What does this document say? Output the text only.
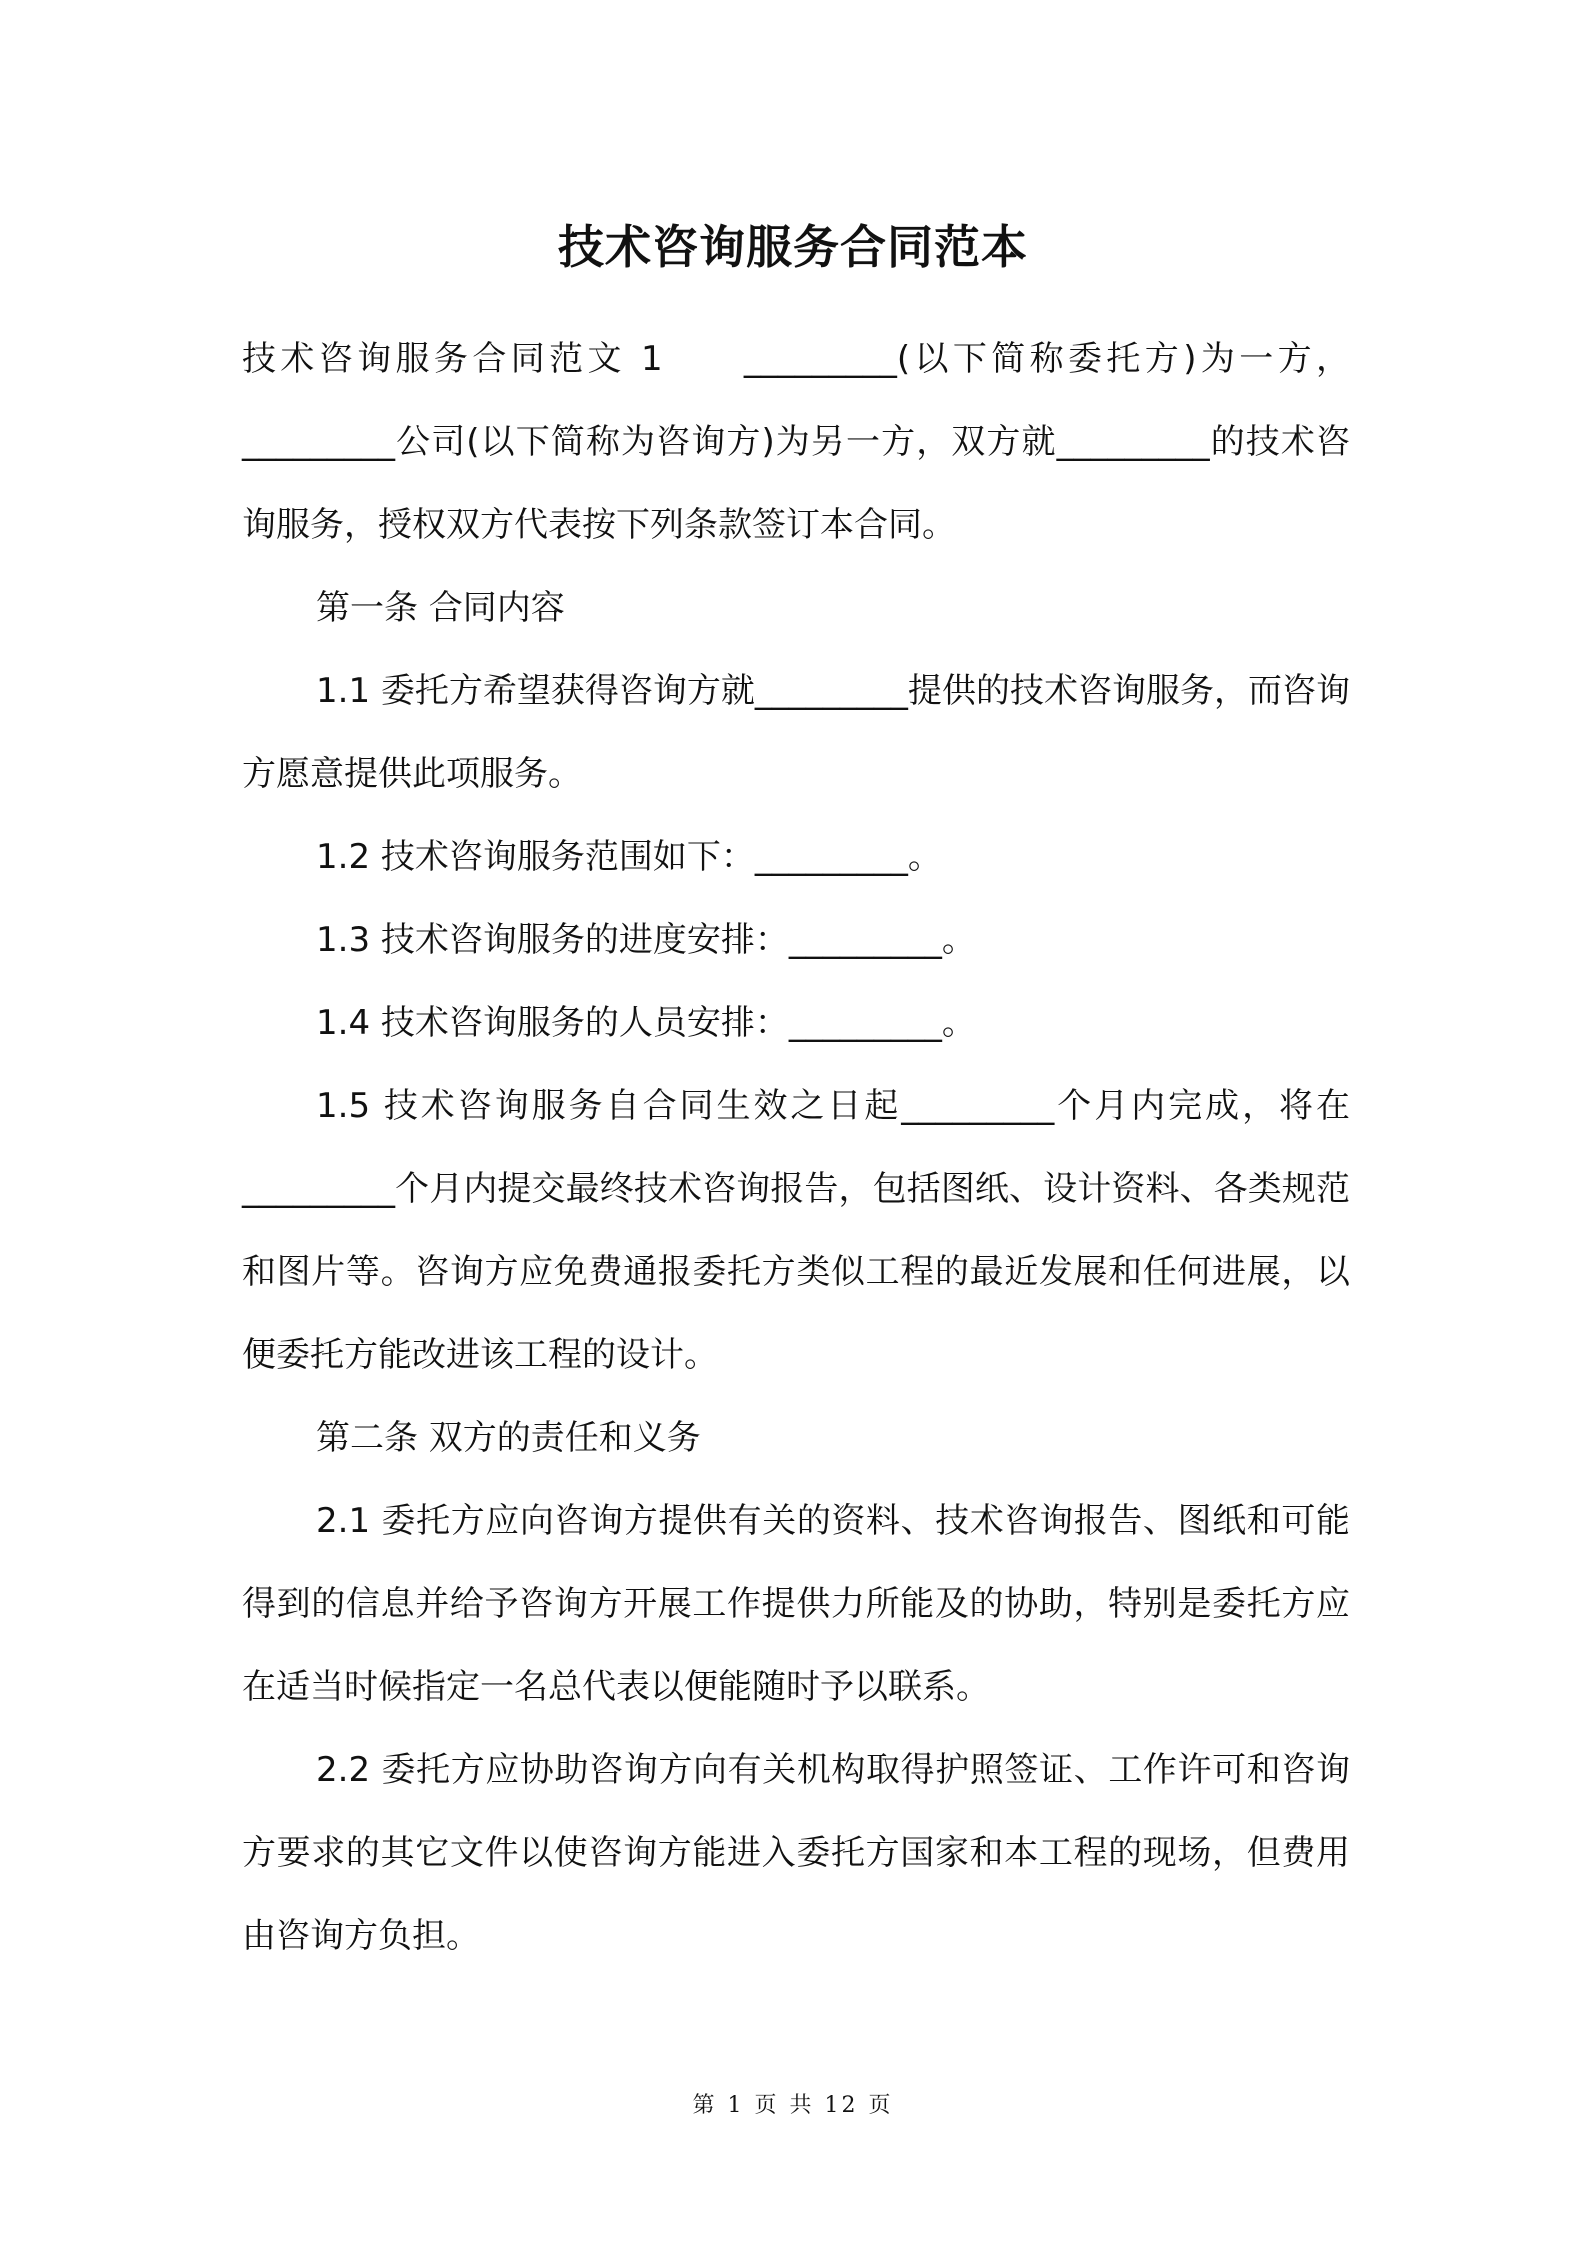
技术咨询服务合同范本

技术咨询服务合同范文 1　　_________(以下简称委托方)为一方，_________公司(以下简称为咨询方)为另一方，双方就_________的技术咨询服务，授权双方代表按下列条款签订本合同。

第一条 合同内容

1.1 委托方希望获得咨询方就_________提供的技术咨询服务，而咨询方愿意提供此项服务。

1.2 技术咨询服务范围如下：_________。

1.3 技术咨询服务的进度安排：_________。

1.4 技术咨询服务的人员安排：_________。

1.5 技术咨询服务自合同生效之日起_________个月内完成，将在_________个月内提交最终技术咨询报告，包括图纸、设计资料、各类规范和图片等。咨询方应免费通报委托方类似工程的最近发展和任何进展，以便委托方能改进该工程的设计。

第二条 双方的责任和义务

2.1 委托方应向咨询方提供有关的资料、技术咨询报告、图纸和可能得到的信息并给予咨询方开展工作提供力所能及的协助，特别是委托方应在适当时候指定一名总代表以便能随时予以联系。

2.2 委托方应协助咨询方向有关机构取得护照签证、工作许可和咨询方要求的其它文件以使咨询方能进入委托方国家和本工程的现场，但费用由咨询方负担。

第 1 页 共 12 页
